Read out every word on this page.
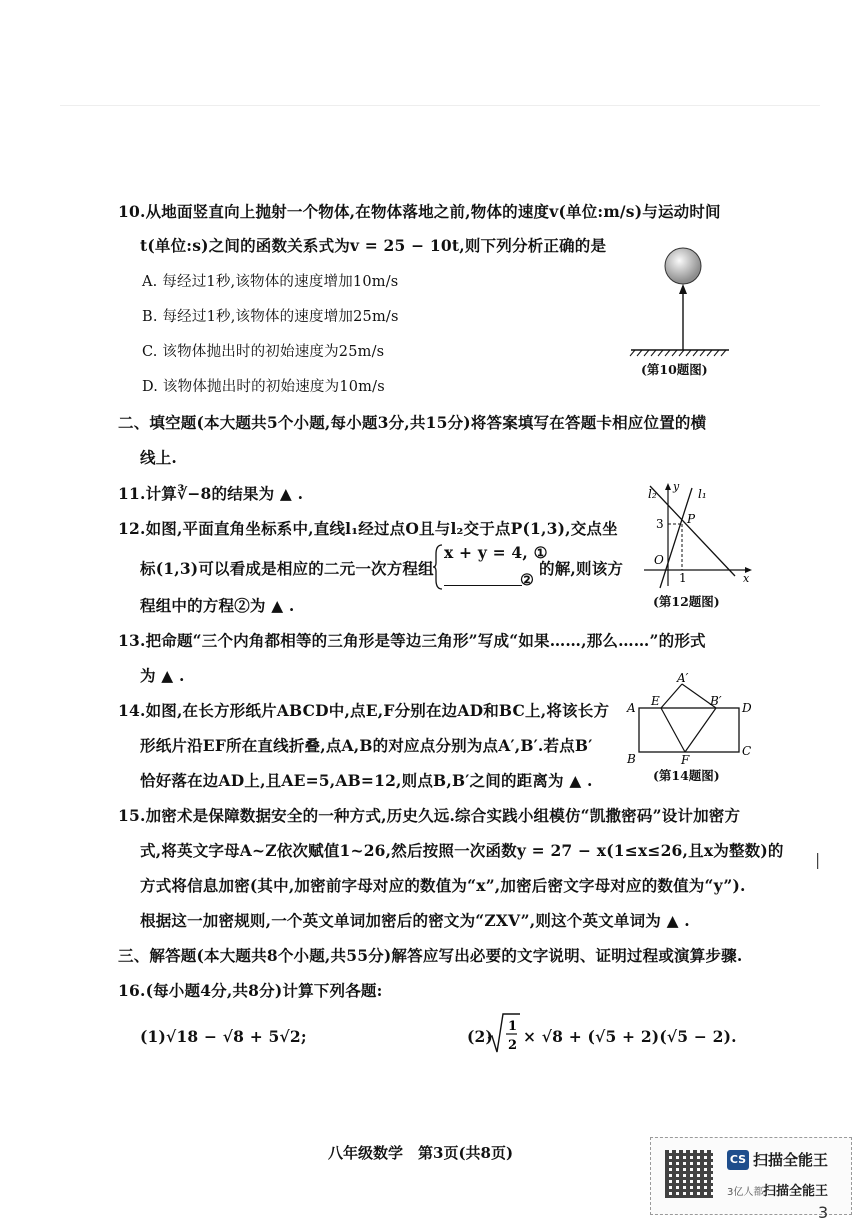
10.从地面竖直向上抛射一个物体,在物体落地之前,物体的速度v(单位:m/s)与运动时间
t(单位:s)之间的函数关系式为v = 25 − 10t,则下列分析正确的是
A. 每经过1秒,该物体的速度增加10m/s
B. 每经过1秒,该物体的速度增加25m/s
C. 该物体抛出时的初始速度为25m/s
D. 该物体抛出时的初始速度为10m/s
(第10题图)
二、填空题(本大题共5个小题,每小题3分,共15分)将答案填写在答题卡相应位置的横
线上.
11.计算∛−8的结果为 ▲ .
12.如图,平面直角坐标系中,直线l₁经过点O且与l₂交于点P(1,3),交点坐
标(1,3)可以看成是相应的二元一次方程组
x + y = 4, ①
②
的解,则该方
程组中的方程②为 ▲ .
l₂	l₁
y
x
3
1
O
P
(第12题图)
13.把命题“三个内角都相等的三角形是等边三角形”写成“如果……,那么……”的形式
为 ▲ .
14.如图,在长方形纸片ABCD中,点E,F分别在边AD和BC上,将该长方
形纸片沿EF所在直线折叠,点A,B的对应点分别为点A′,B′.若点B′
恰好落在边AD上,且AE=5,AB=12,则点B,B′之间的距离为 ▲ .
A
B
C
D
E
F
A′
B′
(第14题图)
15.加密术是保障数据安全的一种方式,历史久远.综合实践小组模仿“凯撒密码”设计加密方
式,将英文字母A~Z依次赋值1~26,然后按照一次函数y = 27 − x(1≤x≤26,且x为整数)的
方式将信息加密(其中,加密前字母对应的数值为“x”,加密后密文字母对应的数值为“y”).
根据这一加密规则,一个英文单词加密后的密文为“ZXV”,则这个英文单词为 ▲ .
|
三、解答题(本大题共8个小题,共55分)解答应写出必要的文字说明、证明过程或演算步骤.
16.(每小题4分,共8分)计算下列各题:
(1)√18 − √8 + 5√2;	(2)
1
2 × √8 + (√5 + 2)(√5 − 2).
八年级数学　第3页(共8页)	CS 扫描全能王
3亿人都 扫描全能王
3
